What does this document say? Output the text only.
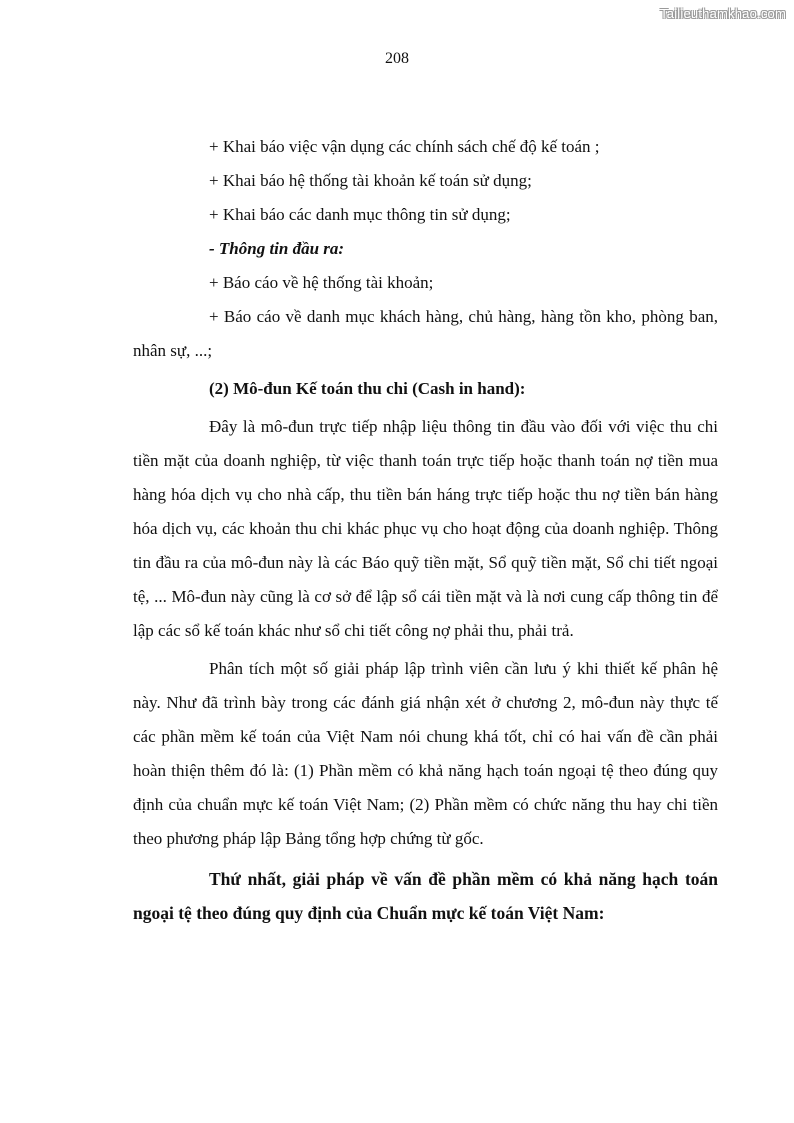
Tailieuthamkhao.com
208

+ Khai báo việc vận dụng các chính sách chế độ kế toán ;

+ Khai báo hệ thống tài khoản kế toán sử dụng;

+ Khai báo các danh mục thông tin sử dụng;

- Thông tin đầu ra:

+ Báo cáo về hệ thống tài khoản;

+ Báo cáo về danh mục khách hàng, chủ hàng, hàng tồn kho, phòng ban, nhân sự, ...;

(2) Mô-đun Kế toán thu chi (Cash in hand):

Đây là mô-đun trực tiếp nhập liệu thông tin đầu vào đối với việc thu chi tiền mặt của doanh nghiệp, từ việc thanh toán trực tiếp hoặc thanh toán nợ tiền mua hàng hóa dịch vụ cho nhà cấp, thu tiền bán háng trực tiếp hoặc thu nợ tiền bán hàng hóa dịch vụ, các khoản thu chi khác phục vụ cho hoạt động của doanh nghiệp. Thông tin đầu ra của mô-đun này là các Báo quỹ tiền mặt, Sổ quỹ tiền mặt, Sổ chi tiết ngoại tệ, ... Mô-đun này cũng là cơ sở để lập sổ cái tiền mặt và là nơi cung cấp thông tin để lập các sổ kế toán khác như sổ chi tiết công nợ phải thu, phải trả.

Phân tích một số giải pháp lập trình viên cần lưu ý khi thiết kế phân hệ này. Như đã trình bày trong các đánh giá nhận xét ở chương 2, mô-đun này thực tế các phần mềm kế toán của Việt Nam nói chung khá tốt, chỉ có hai vấn đề cần phải hoàn thiện thêm đó là: (1) Phần mềm có khả năng hạch toán ngoại tệ theo đúng quy định của chuẩn mực kế toán Việt Nam; (2) Phần mềm có chức năng thu hay chi tiền theo phương pháp lập Bảng tổng hợp chứng từ gốc.

Thứ nhất, giải pháp về vấn đề phần mềm có khả năng hạch toán ngoại tệ theo đúng quy định của Chuẩn mực kế toán Việt Nam:
